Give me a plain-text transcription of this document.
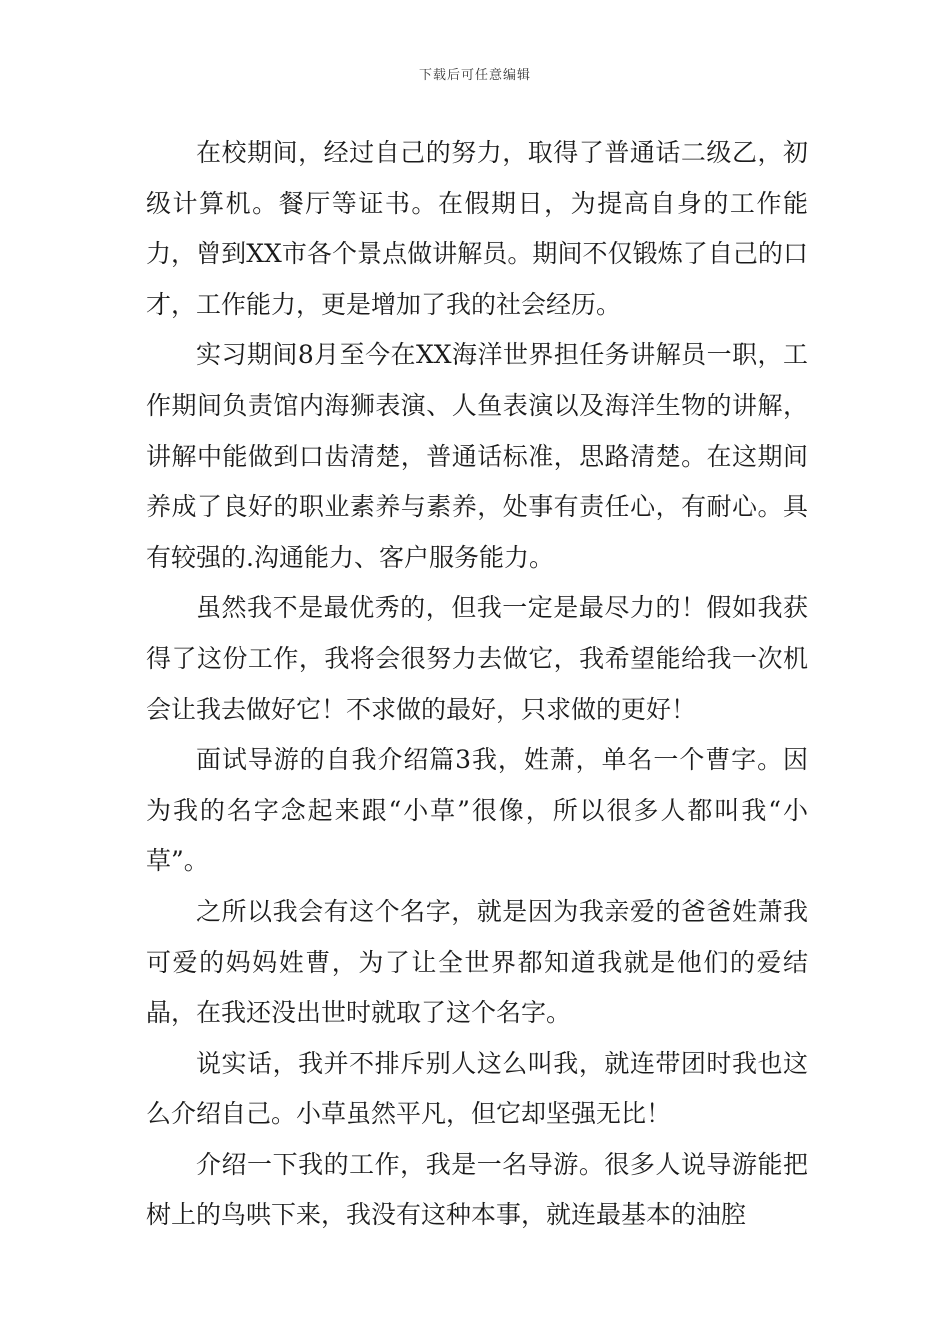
下载后可任意编辑

在校期间，经过自己的努力，取得了普通话二级乙，初级计算机。餐厅等证书。在假期日，为提高自身的工作能力，曾到XX市各个景点做讲解员。期间不仅锻炼了自己的口才，工作能力，更是增加了我的社会经历。

实习期间8月至今在XX海洋世界担任务讲解员一职，工作期间负责馆内海狮表演、人鱼表演以及海洋生物的讲解，讲解中能做到口齿清楚，普通话标准，思路清楚。在这期间养成了良好的职业素养与素养，处事有责任心，有耐心。具有较强的.沟通能力、客户服务能力。

虽然我不是最优秀的，但我一定是最尽力的！假如我获得了这份工作，我将会很努力去做它，我希望能给我一次机会让我去做好它！不求做的最好，只求做的更好！

面试导游的自我介绍篇3我，姓萧，单名一个曹字。因为我的名字念起来跟“小草”很像，所以很多人都叫我“小草”。

之所以我会有这个名字，就是因为我亲爱的爸爸姓萧我可爱的妈妈姓曹，为了让全世界都知道我就是他们的爱结晶，在我还没出世时就取了这个名字。

说实话，我并不排斥别人这么叫我，就连带团时我也这么介绍自己。小草虽然平凡，但它却坚强无比！

介绍一下我的工作，我是一名导游。很多人说导游能把树上的鸟哄下来，我没有这种本事，就连最基本的油腔
